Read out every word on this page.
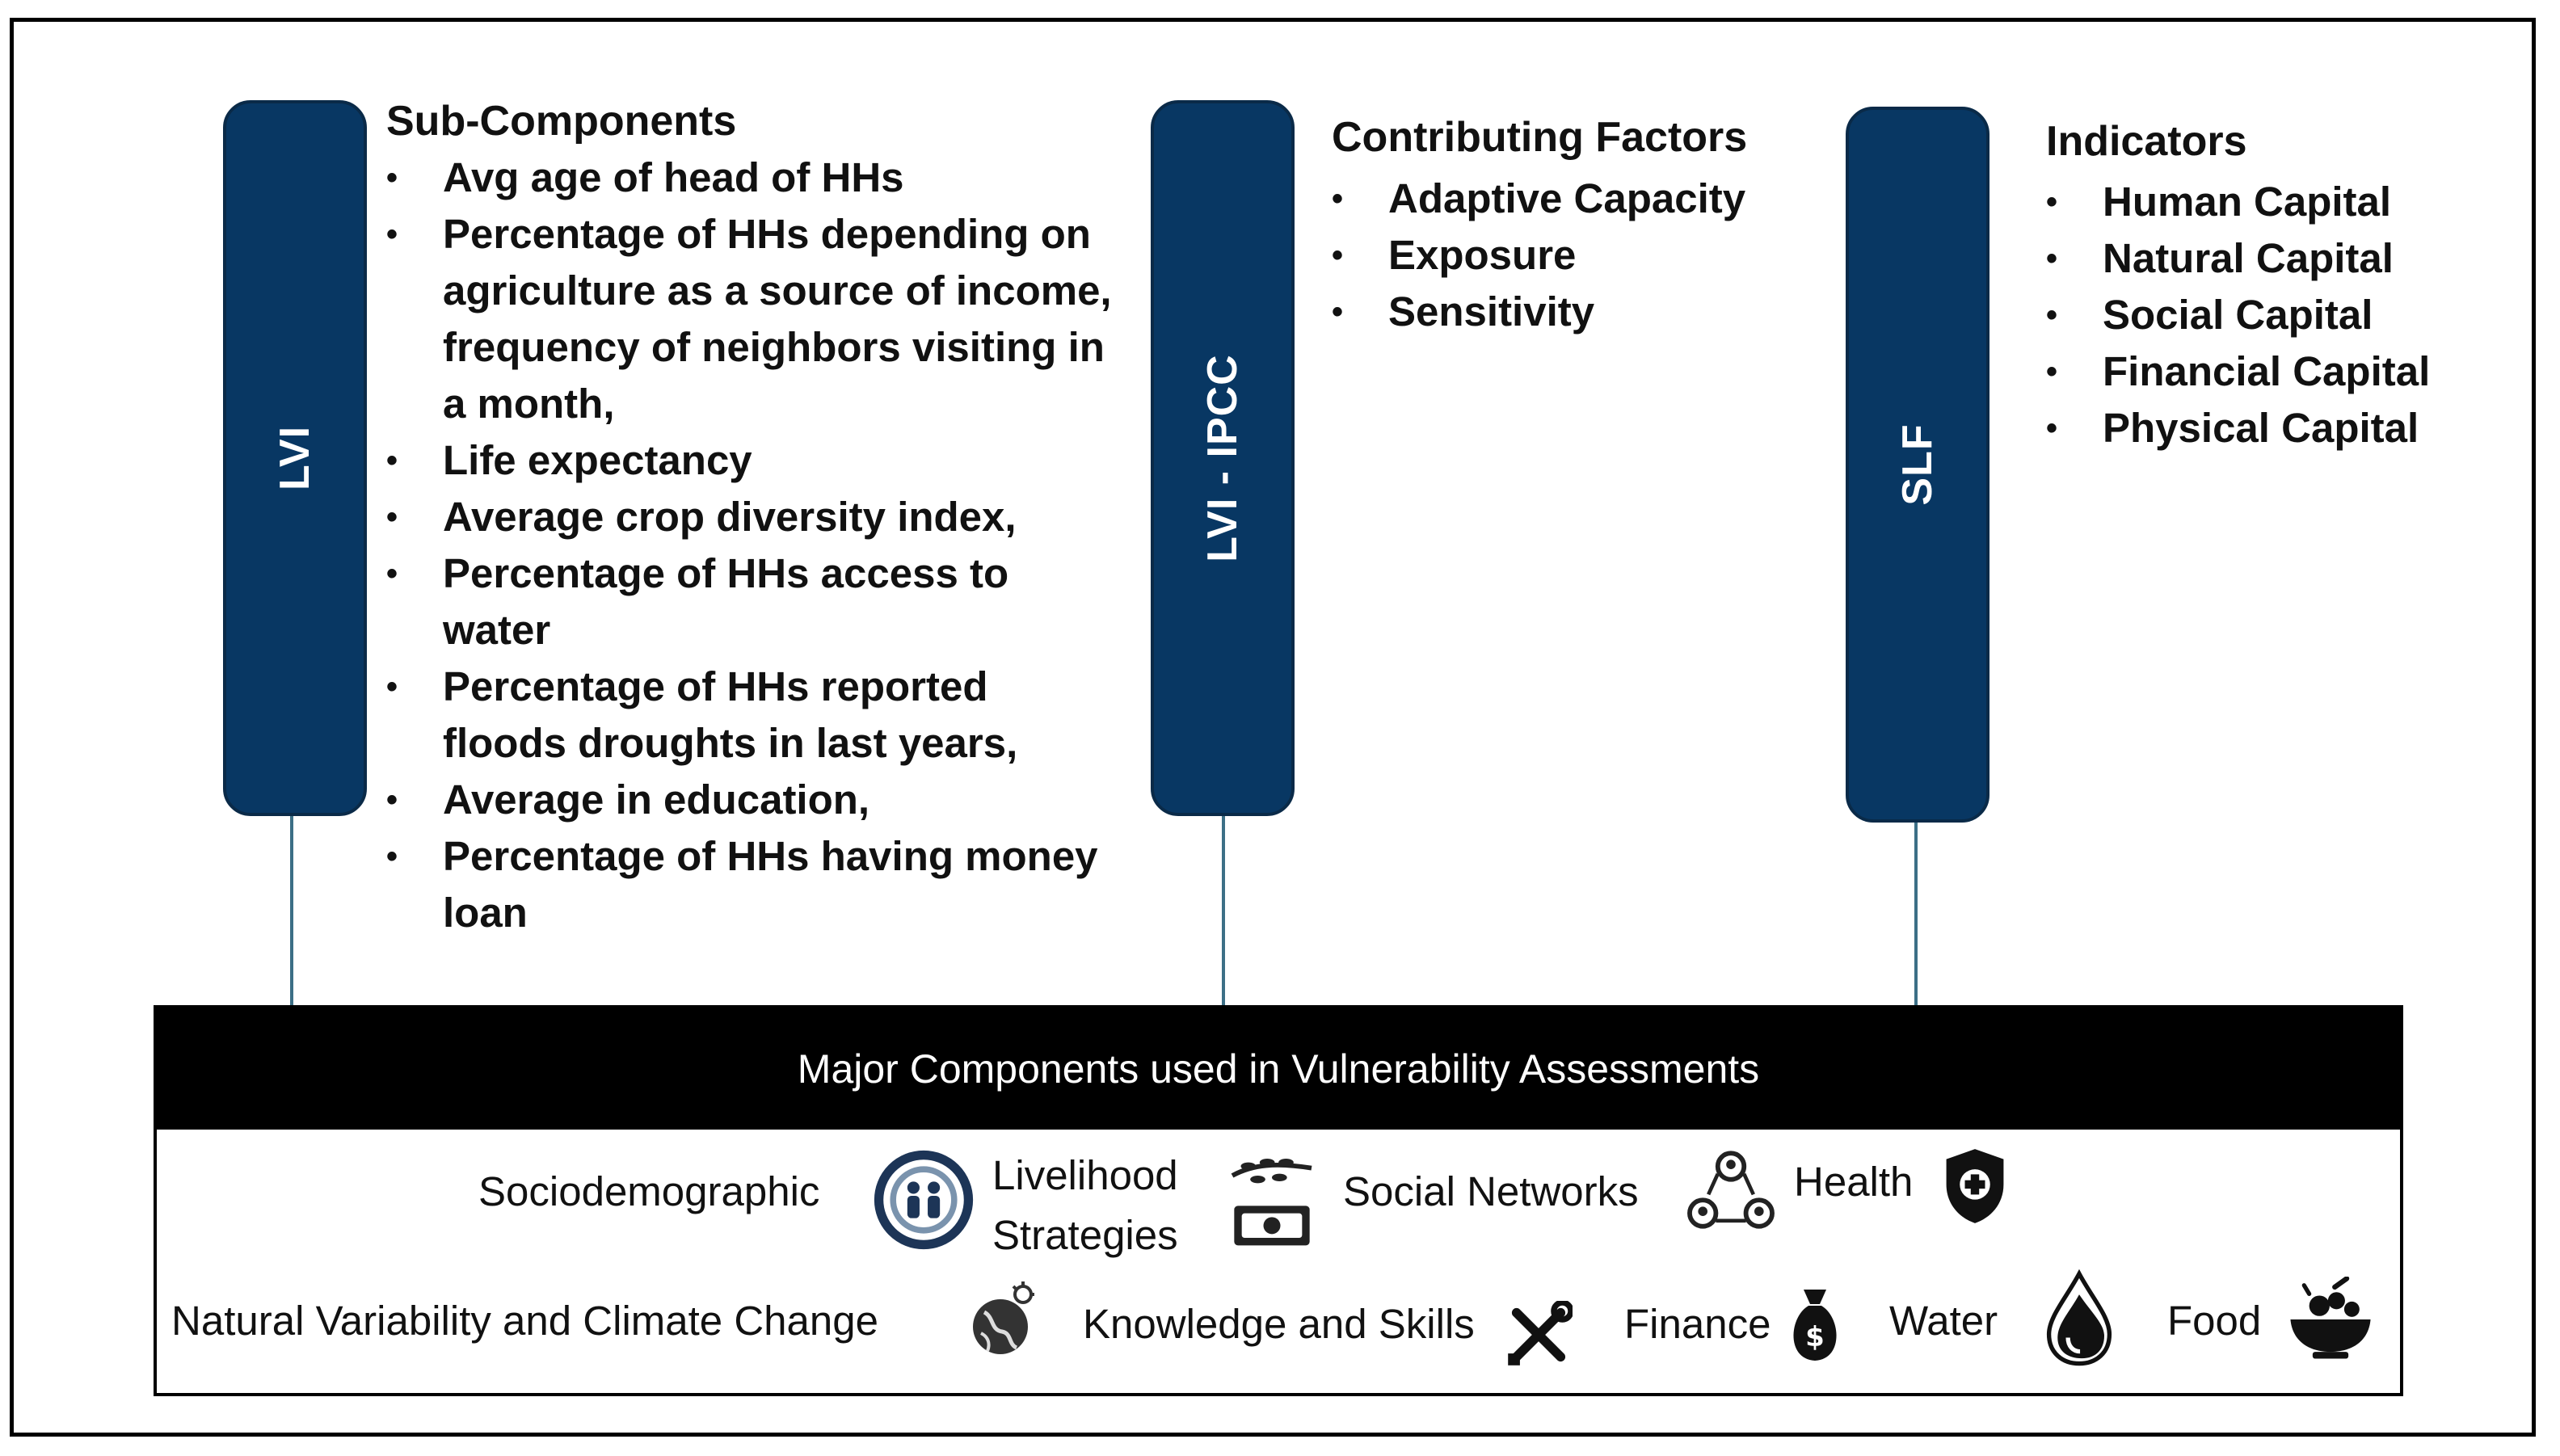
LVI
Sub-Components
• Avg age of head of HHs
• Percentage of HHs depending on agriculture as a source of income, frequency of neighbors visiting in a month,
• Life expectancy
• Average crop diversity index,
• Percentage of HHs access to water
• Percentage of HHs reported floods droughts in last years,
• Average in education,
• Percentage of HHs having money loan
LVI - IPCC
Contributing Factors
• Adaptive Capacity
• Exposure
• Sensitivity
SLF
Indicators
• Human Capital
• Natural Capital
• Social Capital
• Financial Capital
• Physical Capital
Major Components used in Vulnerability Assessments
Sociodemographic	Livelihood Strategies
Social Networks	Health
Natural Variability and Climate Change	Knowledge and Skills	Finance $ Water	Food
